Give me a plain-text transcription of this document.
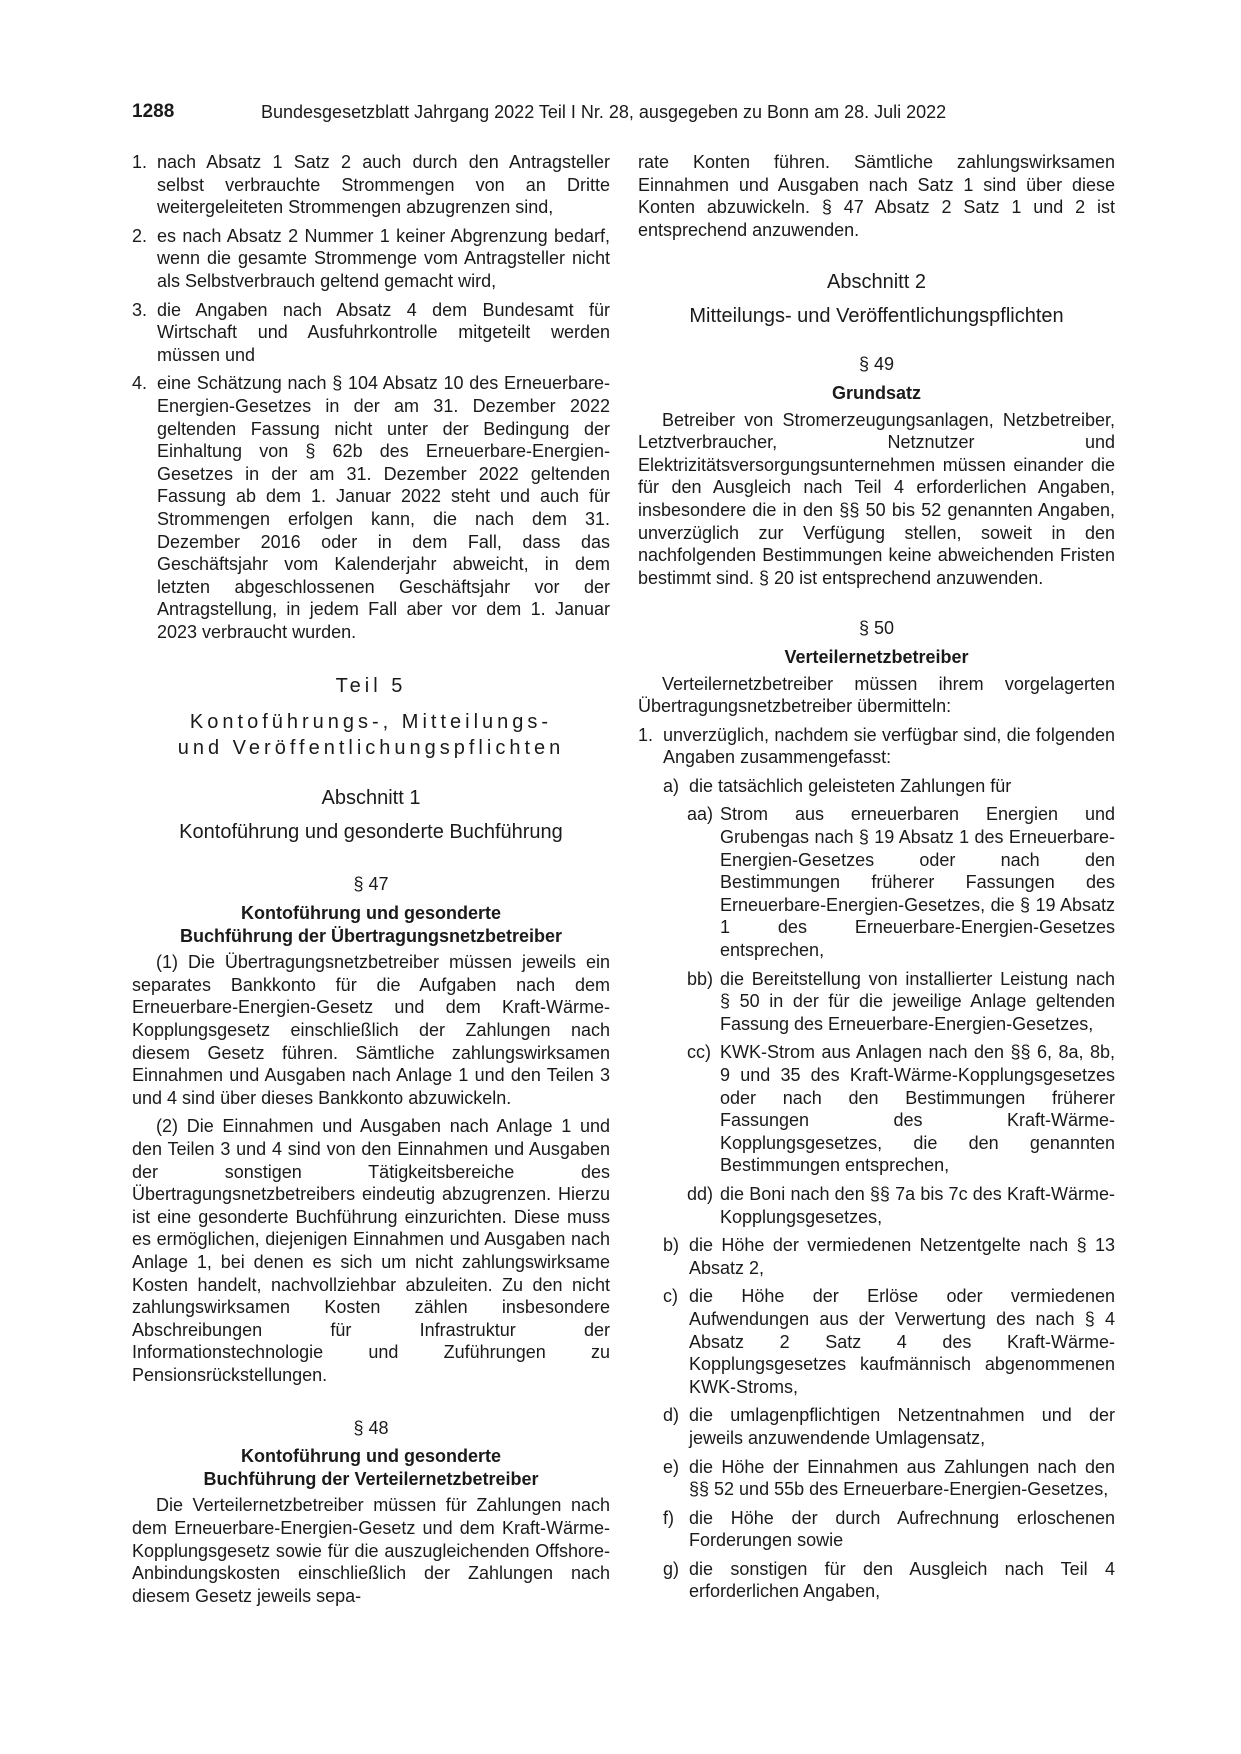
1288	Bundesgesetzblatt Jahrgang 2022 Teil I Nr. 28, ausgegeben zu Bonn am 28. Juli 2022
1. nach Absatz 1 Satz 2 auch durch den Antragsteller selbst verbrauchte Strommengen von an Dritte weitergeleiteten Strommengen abzugrenzen sind,
2. es nach Absatz 2 Nummer 1 keiner Abgrenzung bedarf, wenn die gesamte Strommenge vom Antragsteller nicht als Selbstverbrauch geltend gemacht wird,
3. die Angaben nach Absatz 4 dem Bundesamt für Wirtschaft und Ausfuhrkontrolle mitgeteilt werden müssen und
4. eine Schätzung nach § 104 Absatz 10 des Erneuerbare-Energien-Gesetzes in der am 31. Dezember 2022 geltenden Fassung nicht unter der Bedingung der Einhaltung von § 62b des Erneuerbare-Energien-Gesetzes in der am 31. Dezember 2022 geltenden Fassung ab dem 1. Januar 2022 steht und auch für Strommengen erfolgen kann, die nach dem 31. Dezember 2016 oder in dem Fall, dass das Geschäftsjahr vom Kalenderjahr abweicht, in dem letzten abgeschlossenen Geschäftsjahr vor der Antragstellung, in jedem Fall aber vor dem 1. Januar 2023 verbraucht wurden.

Teil 5

Kontoführungs-, Mitteilungs-

und Veröffentlichungspflichten

Abschnitt 1

Kontoführung und gesonderte Buchführung

§ 47

Kontoführung und gesonderte

Buchführung der Übertragungsnetzbetreiber

(1) Die Übertragungsnetzbetreiber müssen jeweils ein separates Bankkonto für die Aufgaben nach dem Erneuerbare-Energien-Gesetz und dem Kraft-Wärme-Kopplungsgesetz einschließlich der Zahlungen nach diesem Gesetz führen. Sämtliche zahlungswirksamen Einnahmen und Ausgaben nach Anlage 1 und den Teilen 3 und 4 sind über dieses Bankkonto abzuwickeln.

(2) Die Einnahmen und Ausgaben nach Anlage 1 und den Teilen 3 und 4 sind von den Einnahmen und Ausgaben der sonstigen Tätigkeitsbereiche des Übertragungsnetzbetreibers eindeutig abzugrenzen. Hierzu ist eine gesonderte Buchführung einzurichten. Diese muss es ermöglichen, diejenigen Einnahmen und Ausgaben nach Anlage 1, bei denen es sich um nicht zahlungswirksame Kosten handelt, nachvollziehbar abzuleiten. Zu den nicht zahlungswirksamen Kosten zählen insbesondere Abschreibungen für Infrastruktur der Informationstechnologie und Zuführungen zu Pensionsrückstellungen.

§ 48

Kontoführung und gesonderte

Buchführung der Verteilernetzbetreiber

Die Verteilernetzbetreiber müssen für Zahlungen nach dem Erneuerbare-Energien-Gesetz und dem Kraft-Wärme-Kopplungsgesetz sowie für die auszugleichenden Offshore-Anbindungskosten einschließlich der Zahlungen nach diesem Gesetz jeweils sepa-

rate Konten führen. Sämtliche zahlungswirksamen Einnahmen und Ausgaben nach Satz 1 sind über diese Konten abzuwickeln. § 47 Absatz 2 Satz 1 und 2 ist entsprechend anzuwenden.

Abschnitt 2

Mitteilungs- und Veröffentlichungspflichten

§ 49

Grundsatz

Betreiber von Stromerzeugungsanlagen, Netzbetreiber, Letztverbraucher, Netznutzer und Elektrizitätsversorgungsunternehmen müssen einander die für den Ausgleich nach Teil 4 erforderlichen Angaben, insbesondere die in den §§ 50 bis 52 genannten Angaben, unverzüglich zur Verfügung stellen, soweit in den nachfolgenden Bestimmungen keine abweichenden Fristen bestimmt sind. § 20 ist entsprechend anzuwenden.

§ 50

Verteilernetzbetreiber

Verteilernetzbetreiber müssen ihrem vorgelagerten Übertragungsnetzbetreiber übermitteln:

1. unverzüglich, nachdem sie verfügbar sind, die folgenden Angaben zusammengefasst:
a) die tatsächlich geleisteten Zahlungen für
aa) Strom aus erneuerbaren Energien und Grubengas nach § 19 Absatz 1 des Erneuerbare-Energien-Gesetzes oder nach den Bestimmungen früherer Fassungen des Erneuerbare-Energien-Gesetzes, die § 19 Absatz 1 des Erneuerbare-Energien-Gesetzes entsprechen,
bb) die Bereitstellung von installierter Leistung nach § 50 in der für die jeweilige Anlage geltenden Fassung des Erneuerbare-Energien-Gesetzes,
cc) KWK-Strom aus Anlagen nach den §§ 6, 8a, 8b, 9 und 35 des Kraft-Wärme-Kopplungsgesetzes oder nach den Bestimmungen früherer Fassungen des Kraft-Wärme-Kopplungsgesetzes, die den genannten Bestimmungen entsprechen,
dd) die Boni nach den §§ 7a bis 7c des Kraft-Wärme-Kopplungsgesetzes,
b) die Höhe der vermiedenen Netzentgelte nach § 13 Absatz 2,
c) die Höhe der Erlöse oder vermiedenen Aufwendungen aus der Verwertung des nach § 4 Absatz 2 Satz 4 des Kraft-Wärme-Kopplungsgesetzes kaufmännisch abgenommenen KWK-Stroms,
d) die umlagenpflichtigen Netzentnahmen und der jeweils anzuwendende Umlagensatz,
e) die Höhe der Einnahmen aus Zahlungen nach den §§ 52 und 55b des Erneuerbare-Energien-Gesetzes,
f) die Höhe der durch Aufrechnung erloschenen Forderungen sowie
g) die sonstigen für den Ausgleich nach Teil 4 erforderlichen Angaben,
